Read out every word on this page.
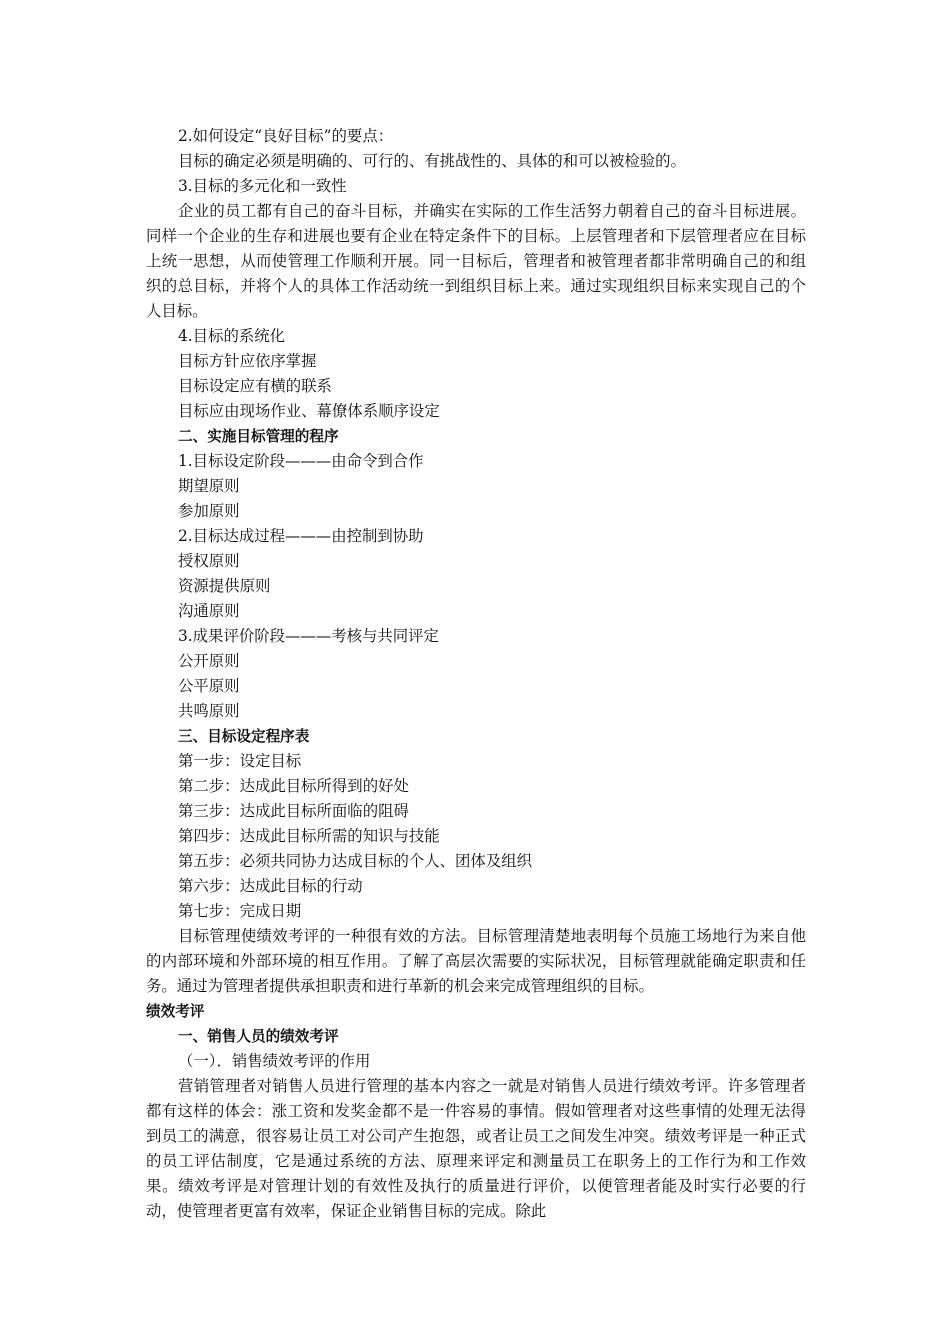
2.如何设定“良好目标”的要点：
目标的确定必须是明确的、可行的、有挑战性的、具体的和可以被检验的。
3.目标的多元化和一致性

企业的员工都有自己的奋斗目标，并确实在实际的工作生活努力朝着自己的奋斗目标进展。同样一个企业的生存和进展也要有企业在特定条件下的目标。上层管理者和下层管理者应在目标上统一思想，从而使管理工作顺利开展。同一目标后，管理者和被管理者都非常明确自己的和组织的总目标，并将个人的具体工作活动统一到组织目标上来。通过实现组织目标来实现自己的个人目标。

4.目标的系统化
目标方针应依序掌握
目标设定应有横的联系
目标应由现场作业、幕僚体系顺序设定
二、实施目标管理的程序
1.目标设定阶段———由命令到合作
期望原则
参加原则
2.目标达成过程———由控制到协助
授权原则
资源提供原则
沟通原则
3.成果评价阶段———考核与共同评定
公开原则
公平原则
共鸣原则
三、目标设定程序表
第一步：设定目标
第二步：达成此目标所得到的好处
第三步：达成此目标所面临的阻碍
第四步：达成此目标所需的知识与技能
第五步：必须共同协力达成目标的个人、团体及组织
第六步：达成此目标的行动
第七步：完成日期

目标管理使绩效考评的一种很有效的方法。目标管理清楚地表明每个员施工场地行为来自他的内部环境和外部环境的相互作用。了解了高层次需要的实际状况，目标管理就能确定职责和任务。通过为管理者提供承担职责和进行革新的机会来完成管理组织的目标。

绩效考评
一、销售人员的绩效考评
（一）．销售绩效考评的作用

营销管理者对销售人员进行管理的基本内容之一就是对销售人员进行绩效考评。许多管理者都有这样的体会：涨工资和发奖金都不是一件容易的事情。假如管理者对这些事情的处理无法得到员工的满意，很容易让员工对公司产生抱怨，或者让员工之间发生冲突。绩效考评是一种正式的员工评估制度，它是通过系统的方法、原理来评定和测量员工在职务上的工作行为和工作效果。绩效考评是对管理计划的有效性及执行的质量进行评价，以便管理者能及时实行必要的行动，使管理者更富有效率，保证企业销售目标的完成。除此
